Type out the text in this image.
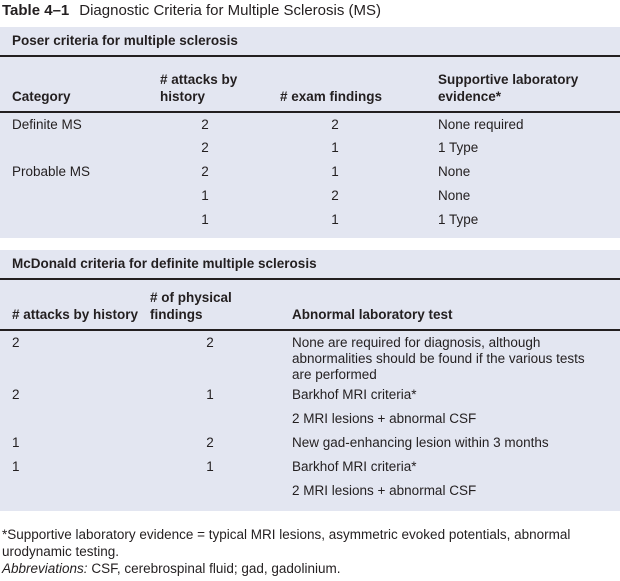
Table 4–1 Diagnostic Criteria for Multiple Sclerosis (MS)
Poser criteria for multiple sclerosis
Category	# attacks by history	# exam findings	Supportive laboratory evidence*
Definite MS	2	2	None required
	2	1	1 Type
Probable MS	2	1	None
	1	2	None
	1	1	1 Type
McDonald criteria for definite multiple sclerosis
# attacks by history	# of physical findings	Abnormal laboratory test
2	2	None are required for diagnosis, although abnormalities should be found if the various tests are performed
2	1	Barkhof MRI criteria*
		2 MRI lesions + abnormal CSF
1	2	New gad-enhancing lesion within 3 months
1	1	Barkhof MRI criteria*
		2 MRI lesions + abnormal CSF
*Supportive laboratory evidence = typical MRI lesions, asymmetric evoked potentials, abnormal urodynamic testing.
Abbreviations: CSF, cerebrospinal fluid; gad, gadolinium.
